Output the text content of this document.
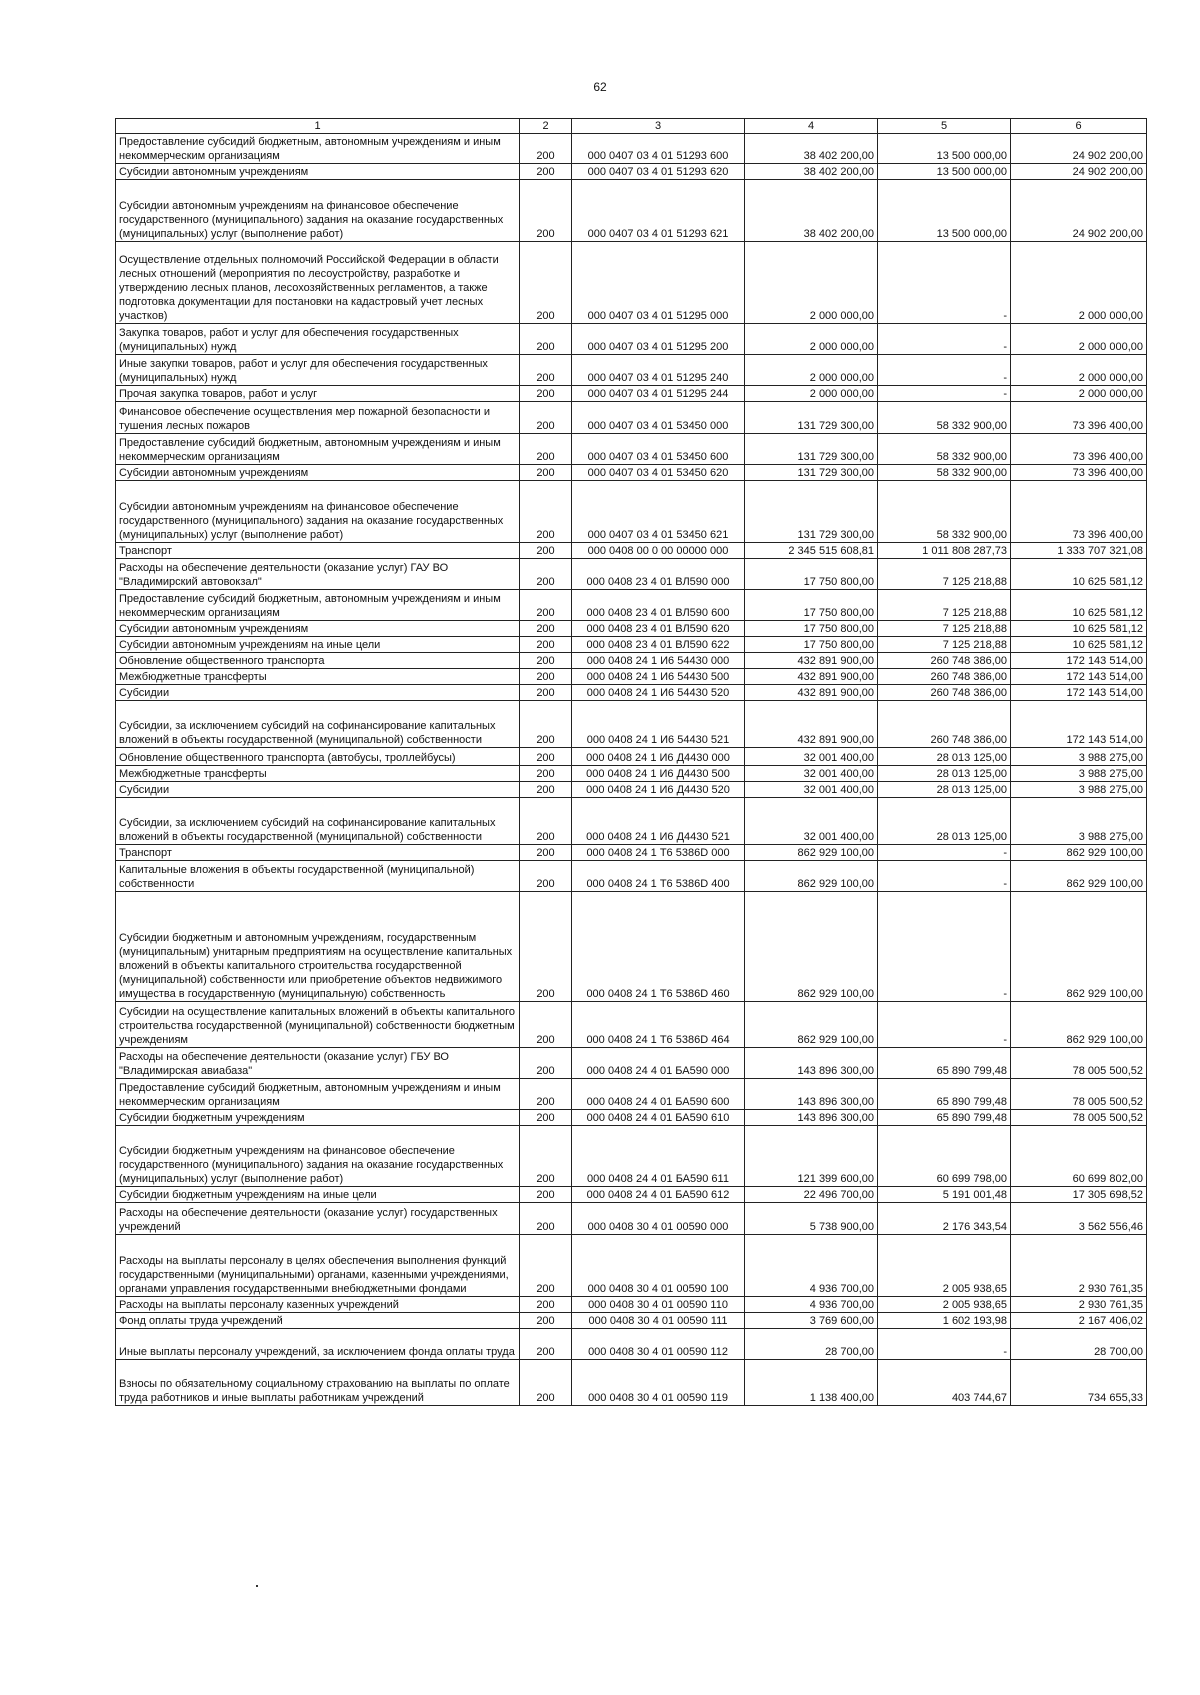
62
1	2	3	4	5	6
Предоставление субсидий бюджетным, автономным учреждениям и иным некоммерческим организациям	200	000 0407 03 4 01 51293 600	38 402 200,00	13 500 000,00	24 902 200,00
Субсидии автономным учреждениям	200	000 0407 03 4 01 51293 620	38 402 200,00	13 500 000,00	24 902 200,00
Субсидии автономным учреждениям на финансовое обеспечение государственного (муниципального) задания на оказание государственных (муниципальных) услуг (выполнение работ)	200	000 0407 03 4 01 51293 621	38 402 200,00	13 500 000,00	24 902 200,00
Осуществление отдельных полномочий Российской Федерации в области лесных отношений (мероприятия по лесоустройству, разработке и утверждению лесных планов, лесохозяйственных регламентов, а также подготовка документации для постановки на кадастровый учет лесных участков)	200	000 0407 03 4 01 51295 000	2 000 000,00	-	2 000 000,00
Закупка товаров, работ и услуг для обеспечения государственных (муниципальных) нужд	200	000 0407 03 4 01 51295 200	2 000 000,00	-	2 000 000,00
Иные закупки товаров, работ и услуг для обеспечения государственных (муниципальных) нужд	200	000 0407 03 4 01 51295 240	2 000 000,00	-	2 000 000,00
Прочая закупка товаров, работ и услуг	200	000 0407 03 4 01 51295 244	2 000 000,00	-	2 000 000,00
Финансовое обеспечение осуществления мер пожарной безопасности и тушения лесных пожаров	200	000 0407 03 4 01 53450 000	131 729 300,00	58 332 900,00	73 396 400,00
Предоставление субсидий бюджетным, автономным учреждениям и иным некоммерческим организациям	200	000 0407 03 4 01 53450 600	131 729 300,00	58 332 900,00	73 396 400,00
Субсидии автономным учреждениям	200	000 0407 03 4 01 53450 620	131 729 300,00	58 332 900,00	73 396 400,00
Субсидии автономным учреждениям на финансовое обеспечение государственного (муниципального) задания на оказание государственных (муниципальных) услуг (выполнение работ)	200	000 0407 03 4 01 53450 621	131 729 300,00	58 332 900,00	73 396 400,00
Транспорт	200	000 0408 00 0 00 00000 000	2 345 515 608,81	1 011 808 287,73	1 333 707 321,08
Расходы на обеспечение деятельности (оказание услуг) ГАУ ВО "Владимирский автовокзал"	200	000 0408 23 4 01 ВЛ590 000	17 750 800,00	7 125 218,88	10 625 581,12
Предоставление субсидий бюджетным, автономным учреждениям и иным некоммерческим организациям	200	000 0408 23 4 01 ВЛ590 600	17 750 800,00	7 125 218,88	10 625 581,12
Субсидии автономным учреждениям	200	000 0408 23 4 01 ВЛ590 620	17 750 800,00	7 125 218,88	10 625 581,12
Субсидии автономным учреждениям на иные цели	200	000 0408 23 4 01 ВЛ590 622	17 750 800,00	7 125 218,88	10 625 581,12
Обновление общественного транспорта	200	000 0408 24 1 И6 54430 000	432 891 900,00	260 748 386,00	172 143 514,00
Межбюджетные трансферты	200	000 0408 24 1 И6 54430 500	432 891 900,00	260 748 386,00	172 143 514,00
Субсидии	200	000 0408 24 1 И6 54430 520	432 891 900,00	260 748 386,00	172 143 514,00
Субсидии, за исключением субсидий на софинансирование капитальных вложений в объекты государственной (муниципальной) собственности	200	000 0408 24 1 И6 54430 521	432 891 900,00	260 748 386,00	172 143 514,00
Обновление общественного транспорта (автобусы, троллейбусы)	200	000 0408 24 1 И6 Д4430 000	32 001 400,00	28 013 125,00	3 988 275,00
Межбюджетные трансферты	200	000 0408 24 1 И6 Д4430 500	32 001 400,00	28 013 125,00	3 988 275,00
Субсидии	200	000 0408 24 1 И6 Д4430 520	32 001 400,00	28 013 125,00	3 988 275,00
Субсидии, за исключением субсидий на софинансирование капитальных вложений в объекты государственной (муниципальной) собственности	200	000 0408 24 1 И6 Д4430 521	32 001 400,00	28 013 125,00	3 988 275,00
Транспорт	200	000 0408 24 1 Т6 5386D 000	862 929 100,00	-	862 929 100,00
Капитальные вложения в объекты государственной (муниципальной) собственности	200	000 0408 24 1 Т6 5386D 400	862 929 100,00	-	862 929 100,00
Субсидии бюджетным и автономным учреждениям, государственным (муниципальным) унитарным предприятиям на осуществление капитальных вложений в объекты капитального строительства государственной (муниципальной) собственности или приобретение объектов недвижимого имущества в государственную (муниципальную) собственность	200	000 0408 24 1 Т6 5386D 460	862 929 100,00	-	862 929 100,00
Субсидии на осуществление капитальных вложений в объекты капитального строительства государственной (муниципальной) собственности бюджетным учреждениям	200	000 0408 24 1 Т6 5386D 464	862 929 100,00	-	862 929 100,00
Расходы на обеспечение деятельности (оказание услуг) ГБУ ВО "Владимирская авиабаза"	200	000 0408 24 4 01 БА590 000	143 896 300,00	65 890 799,48	78 005 500,52
Предоставление субсидий бюджетным, автономным учреждениям и иным некоммерческим организациям	200	000 0408 24 4 01 БА590 600	143 896 300,00	65 890 799,48	78 005 500,52
Субсидии бюджетным учреждениям	200	000 0408 24 4 01 БА590 610	143 896 300,00	65 890 799,48	78 005 500,52
Субсидии бюджетным учреждениям на финансовое обеспечение государственного (муниципального) задания на оказание государственных (муниципальных) услуг (выполнение работ)	200	000 0408 24 4 01 БА590 611	121 399 600,00	60 699 798,00	60 699 802,00
Субсидии бюджетным учреждениям на иные цели	200	000 0408 24 4 01 БА590 612	22 496 700,00	5 191 001,48	17 305 698,52
Расходы на обеспечение деятельности (оказание услуг) государственных учреждений	200	000 0408 30 4 01 00590 000	5 738 900,00	2 176 343,54	3 562 556,46
Расходы на выплаты персоналу в целях обеспечения выполнения функций государственными (муниципальными) органами, казенными учреждениями, органами управления государственными внебюджетными фондами	200	000 0408 30 4 01 00590 100	4 936 700,00	2 005 938,65	2 930 761,35
Расходы на выплаты персоналу казенных учреждений	200	000 0408 30 4 01 00590 110	4 936 700,00	2 005 938,65	2 930 761,35
Фонд оплаты труда учреждений	200	000 0408 30 4 01 00590 111	3 769 600,00	1 602 193,98	2 167 406,02
Иные выплаты персоналу учреждений, за исключением фонда оплаты труда	200	000 0408 30 4 01 00590 112	28 700,00	-	28 700,00
Взносы по обязательному социальному страхованию на выплаты по оплате труда работников и иные выплаты работникам учреждений	200	000 0408 30 4 01 00590 119	1 138 400,00	403 744,67	734 655,33
